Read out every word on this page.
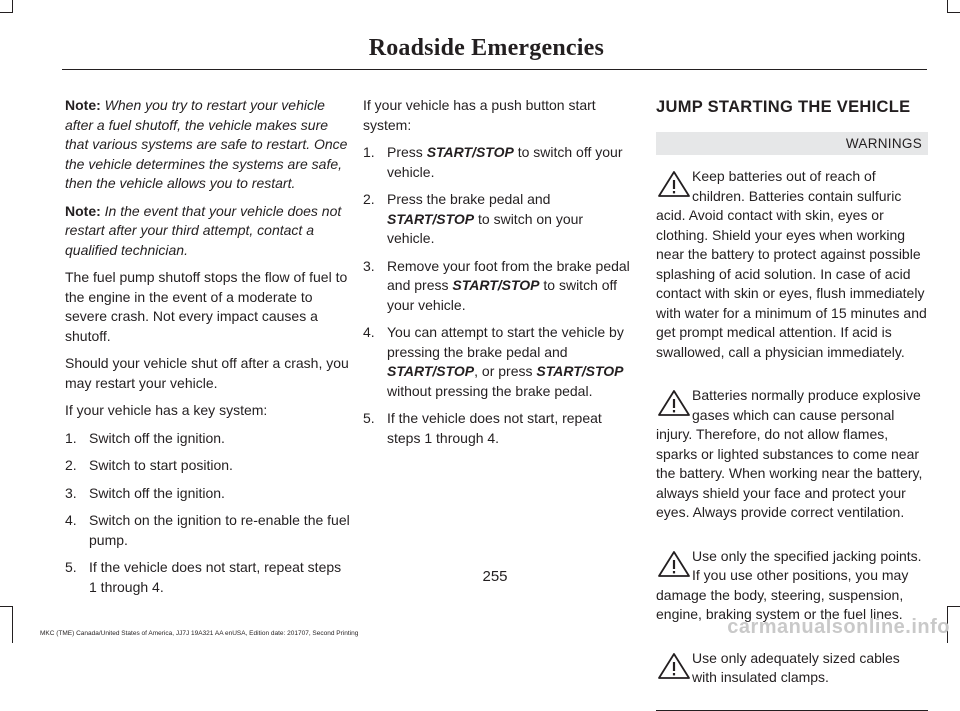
Roadside Emergencies

Note: When you try to restart your vehicle after a fuel shutoff, the vehicle makes sure that various systems are safe to restart. Once the vehicle determines the systems are safe, then the vehicle allows you to restart.

Note: In the event that your vehicle does not restart after your third attempt, contact a qualified technician.

The fuel pump shutoff stops the flow of fuel to the engine in the event of a moderate to severe crash. Not every impact causes a shutoff.

Should your vehicle shut off after a crash, you may restart your vehicle.

If your vehicle has a key system:

1. Switch off the ignition.
2. Switch to start position.
3. Switch off the ignition.
4. Switch on the ignition to re-enable the fuel pump.
5. If the vehicle does not start, repeat steps 1 through 4.

If your vehicle has a push button start system:

1. Press START/STOP to switch off your vehicle.
2. Press the brake pedal and START/STOP to switch on your vehicle.
3. Remove your foot from the brake pedal and press START/STOP to switch off your vehicle.
4. You can attempt to start the vehicle by pressing the brake pedal and START/STOP, or press START/STOP without pressing the brake pedal.
5. If the vehicle does not start, repeat steps 1 through 4.
JUMP STARTING THE VEHICLE
WARNINGS
Keep batteries out of reach of children. Batteries contain sulfuric acid. Avoid contact with skin, eyes or clothing. Shield your eyes when working near the battery to protect against possible splashing of acid solution. In case of acid contact with skin or eyes, flush immediately with water for a minimum of 15 minutes and get prompt medical attention. If acid is swallowed, call a physician immediately.
Batteries normally produce explosive gases which can cause personal injury. Therefore, do not allow flames, sparks or lighted substances to come near the battery. When working near the battery, always shield your face and protect your eyes. Always provide correct ventilation.
Use only the specified jacking points. If you use other positions, you may damage the body, steering, suspension, engine, braking system or the fuel lines.
Use only adequately sized cables with insulated clamps.
255
MKC (TME) Canada/United States of America, JJ7J 19A321 AA enUSA, Edition date: 201707, Second Printing	carmanualsonline.info
